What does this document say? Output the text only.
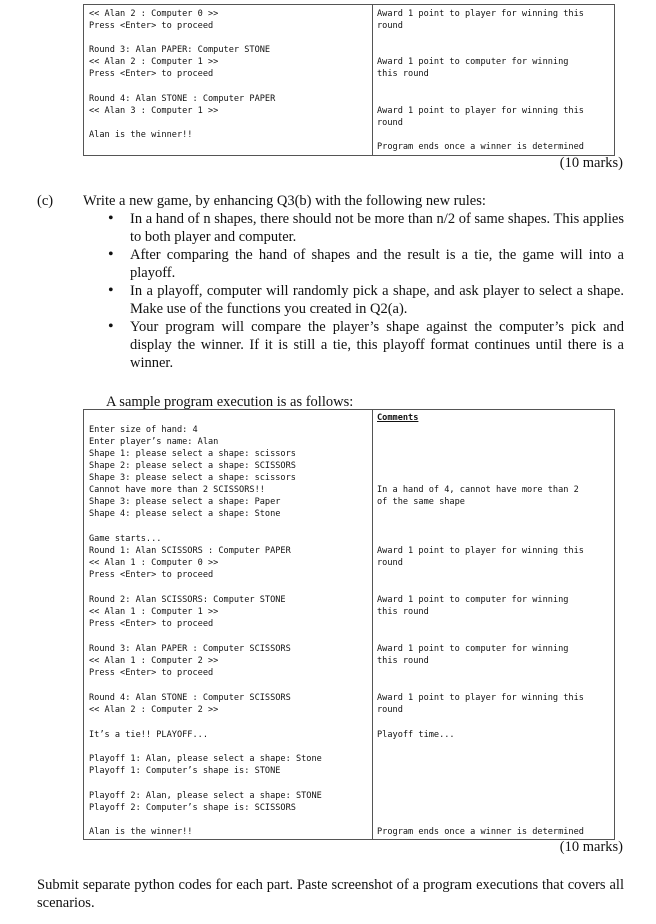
<< Alan 2 : Computer 0 >>
Press <Enter> to proceed
Award 1 point to player for winning this
round
Round 3: Alan PAPER: Computer STONE
<< Alan 2 : Computer 1 >>
Press <Enter> to proceed
Award 1 point to computer for winning
this round
Round 4: Alan STONE : Computer PAPER
<< Alan 3 : Computer 1 >>

Alan is the winner!!
Award 1 point to player for winning this
round

Program ends once a winner is determined
(10 marks)
(c) Write a new game, by enhancing Q3(b) with the following new rules:
• In a hand of n shapes, there should not be more than n/2 of same shapes. This applies to both player and computer.
• After comparing the hand of shapes and the result is a tie, the game will into a playoff.
• In a playoff, computer will randomly pick a shape, and ask player to select a shape. Make use of the functions you created in Q2(a).
• Your program will compare the player’s shape against the computer’s pick and display the winner. If it is still a tie, this playoff format continues until there is a winner.
A sample program execution is as follows:
Comments
Enter size of hand: 4
Enter player’s name: Alan
Shape 1: please select a shape: scissors
Shape 2: please select a shape: SCISSORS
Shape 3: please select a shape: scissors
Cannot have more than 2 SCISSORS!!
Shape 3: please select a shape: Paper
Shape 4: please select a shape: Stone

In a hand of 4, cannot have more than 2
of the same shape
Game starts...
Round 1: Alan SCISSORS : Computer PAPER
<< Alan 1 : Computer 0 >>
Press <Enter> to proceed

Award 1 point to player for winning this
round
Round 2: Alan SCISSORS: Computer STONE
<< Alan 1 : Computer 1 >>
Press <Enter> to proceed
Award 1 point to computer for winning
this round
Round 3: Alan PAPER : Computer SCISSORS
<< Alan 1 : Computer 2 >>
Press <Enter> to proceed
Award 1 point to computer for winning
this round
Round 4: Alan STONE : Computer SCISSORS
<< Alan 2 : Computer 2 >>
Award 1 point to player for winning this
round
It’s a tie!! PLAYOFF...	Playoff time...
Playoff 1: Alan, please select a shape: Stone
Playoff 1: Computer’s shape is: STONE
Playoff 2: Alan, please select a shape: STONE
Playoff 2: Computer’s shape is: SCISSORS
Alan is the winner!!	Program ends once a winner is determined
(10 marks)
Submit separate python codes for each part. Paste screenshot of a program executions that covers all scenarios.
